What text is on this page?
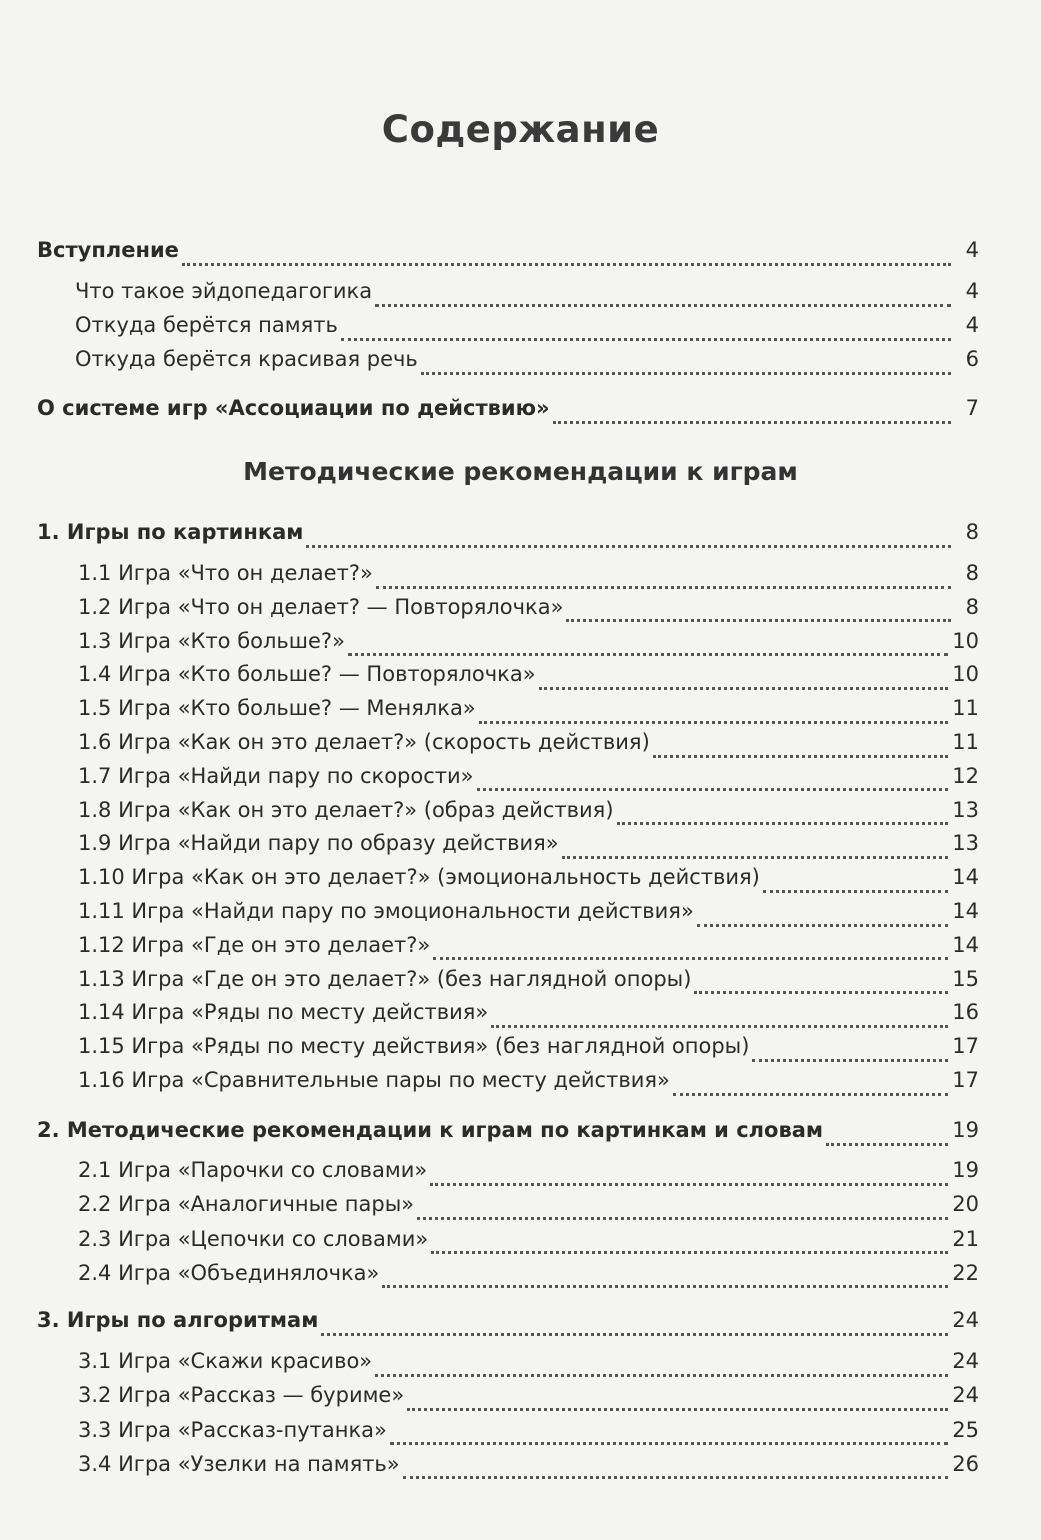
Содержание
Вступление	4
Что такое эйдопедагогика	4
Откуда берётся память	4
Откуда берётся красивая речь	6
О системе игр «Ассоциации по действию»	7
Методические рекомендации к играм
1. Игры по картинкам	8
1.1 Игра «Что он делает?»	8
1.2 Игра «Что он делает? — Повторялочка»	8
1.3 Игра «Кто больше?»	10
1.4 Игра «Кто больше? — Повторялочка»	10
1.5 Игра «Кто больше? — Менялка»	11
1.6 Игра «Как он это делает?» (скорость действия)	11
1.7 Игра «Найди пару по скорости»	12
1.8 Игра «Как он это делает?» (образ действия)	13
1.9 Игра «Найди пару по образу действия»	13
1.10 Игра «Как он это делает?» (эмоциональность действия)	14
1.11 Игра «Найди пару по эмоциональности действия»	14
1.12 Игра «Где он это делает?»	14
1.13 Игра «Где он это делает?» (без наглядной опоры)	15
1.14 Игра «Ряды по месту действия»	16
1.15 Игра «Ряды по месту действия» (без наглядной опоры)	17
1.16 Игра «Сравнительные пары по месту действия»	17
2. Методические рекомендации к играм по картинкам и словам	19
2.1 Игра «Парочки со словами»	19
2.2 Игра «Аналогичные пары»	20
2.3 Игра «Цепочки со словами»	21
2.4 Игра «Объединялочка»	22
3. Игры по алгоритмам	24
3.1 Игра «Скажи красиво»	24
3.2 Игра «Рассказ — буриме»	24
3.3 Игра «Рассказ-путанка»	25
3.4 Игра «Узелки на память»	26
